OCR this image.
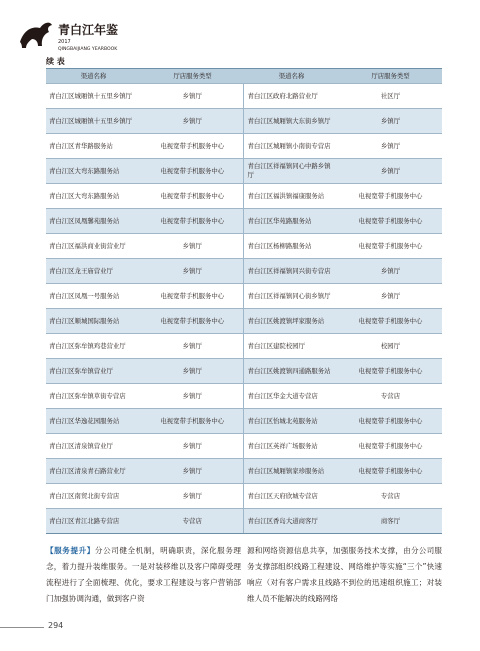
青白江年鉴
2017
QINGBAIJIANG YEARBOOK
续 表
渠道名称	厅店服务类型	渠道名称	厅店服务类型
青白江区城厢镇十五里乡镇厅	乡镇厅	青白江区政府北路营业厅	社区厅
青白江区城厢镇十五里乡镇厅	乡镇厅	青白江区城厢镇大东街乡镇厅	乡镇厅
青白江区青华路服务站	电视宽带手机服务中心	青白江区城厢镇小南街专营店	乡镇厅
青白江区大弯东路服务站	电视宽带手机服务中心	青白江区祥福镇同心中路乡镇厅	乡镇厅
青白江区大弯东路服务站	电视宽带手机服务中心	青白江区福洪镇福康服务站	电视宽带手机服务中心
青白江区凤凰馨苑服务站	电视宽带手机服务中心	青白江区华苑路服务站	电视宽带手机服务中心
青白江区福洪商业街营业厅	乡镇厅	青白江区杨柳路服务站	电视宽带手机服务中心
青白江区龙王庙营业厅	乡镇厅	青白江区祥福镇同兴街专营店	乡镇厅
青白江区凤凰一号服务站	电视宽带手机服务中心	青白江区祥福镇同心街乡镇厅	乡镇厅
青白江区顺城国际服务站	电视宽带手机服务中心	青白江区姚渡镇坪家服务站	电视宽带手机服务中心
青白江区弥牟镇鸡巷营业厅	乡镇厅	青白江区建院校园厅	校园厅
青白江区弥牟镇营业厅	乡镇厅	青白江区姚渡镇四通路服务站	电视宽带手机服务中心
青白江区弥牟镇草街专营店	乡镇厅	青白江区华金大道专营店	专营店
青白江区华逸花园服务站	电视宽带手机服务中心	青白江区怡城北苑服务站	电视宽带手机服务中心
青白江区清泉镇营业厅	乡镇厅	青白江区英祥广场服务站	电视宽带手机服务中心
青白江区清泉青石路营业厅	乡镇厅	青白江区城厢镇家珍服务站	电视宽带手机服务中心
青白江区南贸北街专营店	乡镇厅	青白江区天府欣城专营店	专营店
青白江区青江北路专营店	专营店	青白江区香岛大道商客厅	商客厅
【服务提升】分公司健全机制，明确职责，深化服务理念，着力提升装维服务。一是对装移维以及客户障碍受理流程进行了全面梳理、优化，要求工程建设与客户营销部门加强协调沟通，做到客户资
源和网络资源信息共享，加强服务技术支撑，由分公司服务支撑部组织线路工程建设、网络维护等实施“三个”快速响应（对有客户需求且线路不到位的迅速组织施工；对装维人员不能解决的线路网络
294
